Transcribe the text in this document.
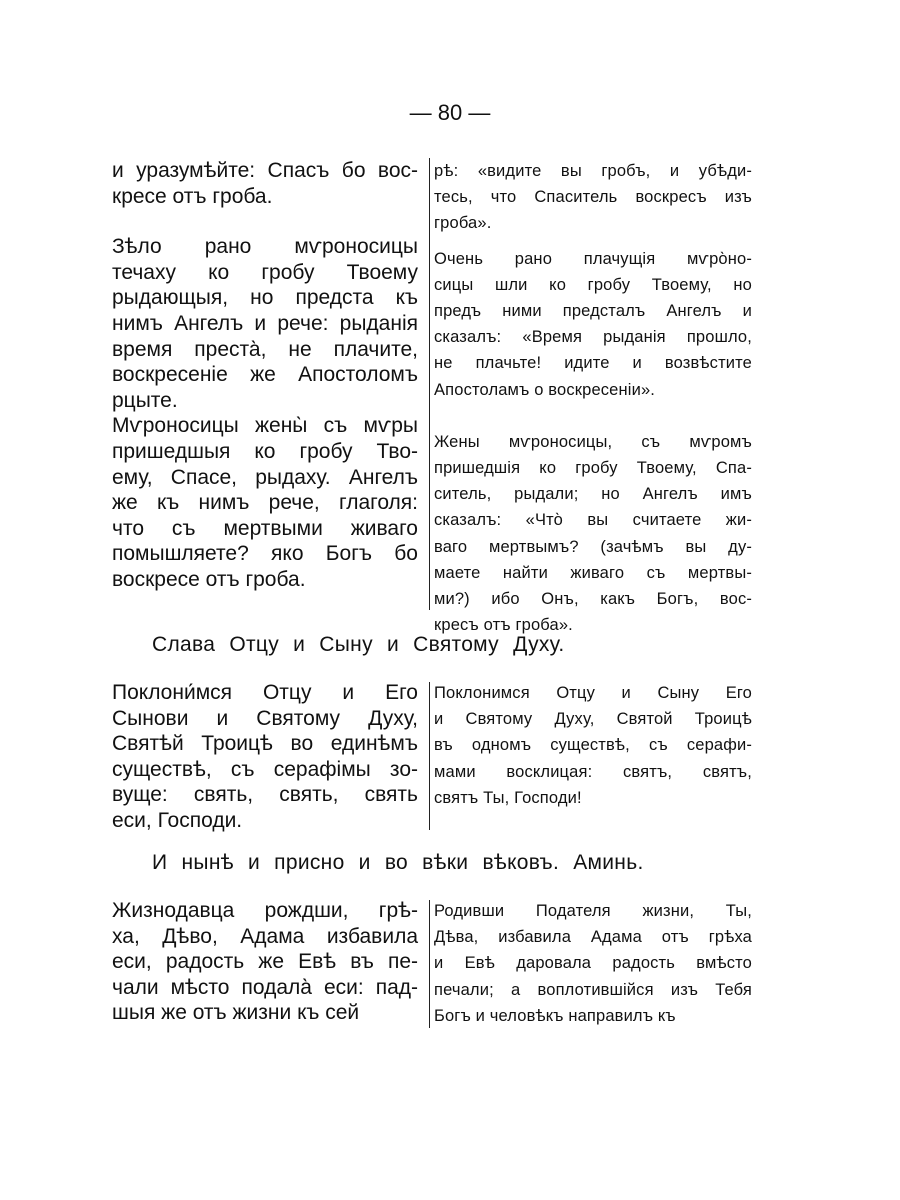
— 80 —
и уразумѣйте: Спасъ бо вос-
кресе отъ гроба.
Зѣло рано мѵроносицы
течаху ко гробу Твоему
рыдающыя, но предста къ
нимъ Ангелъ и рече: рыданія
время преста̀, не плачите,
воскресеніе же Апостоломъ
рцыте.
Мѵроносицы жены̀ съ мѵры
пришедшыя ко гробу Тво-
ему, Спасе, рыдаху. Ангелъ
же къ нимъ рече, глаголя:
что съ мертвыми живаго
помышляете? яко Богъ бо
воскресе отъ гроба.
рѣ: «видите вы гробъ, и убѣди-
тесь, что Спаситель воскресъ изъ
гроба».
Очень рано плачущія мѵро̀но-
сицы шли ко гробу Твоему, но
предъ ними предсталъ Ангелъ и
сказалъ: «Время рыданія прошло,
не плачьте! идите и возвѣстите
Апостоламъ о воскресеніи».
Жены мѵроносицы, съ мѵромъ
пришедшія ко гробу Твоему, Спа-
ситель, рыдали; но Ангелъ имъ
сказалъ: «Что̀ вы считаете жи-
ваго мертвымъ? (зачѣмъ вы ду-
маете найти живаго съ мертвы-
ми?) ибо Онъ, какъ Богъ, вос-
кресъ отъ гроба».
Слава Отцу и Сыну и Святому Духу.
Поклони́мся Отцу и Его
Сынови и Святому Духу,
Святѣй Троицѣ во единѣмъ
существѣ, съ серафімы зо-
вуще: свять, свять, свять
еси, Господи.
Поклонимся Отцу и Сыну Его
и Святому Духу, Святой Троицѣ
въ одномъ существѣ, съ серафи-
мами восклицая: святъ, святъ,
святъ Ты, Господи!
И нынѣ и присно и во вѣки вѣковъ. Аминь.
Жизнодавца рождши, грѣ-
ха, Дѣво, Адама избавила
еси, радость же Евѣ въ пе-
чали мѣсто подала̀ еси: пад-
шыя же отъ жизни къ сей
Родивши Подателя жизни, Ты,
Дѣва, избавила Адама отъ грѣха
и Евѣ даровала радость вмѣсто
печали; а воплотившійся изъ Тебя
Богъ и человѣкъ направилъ къ
